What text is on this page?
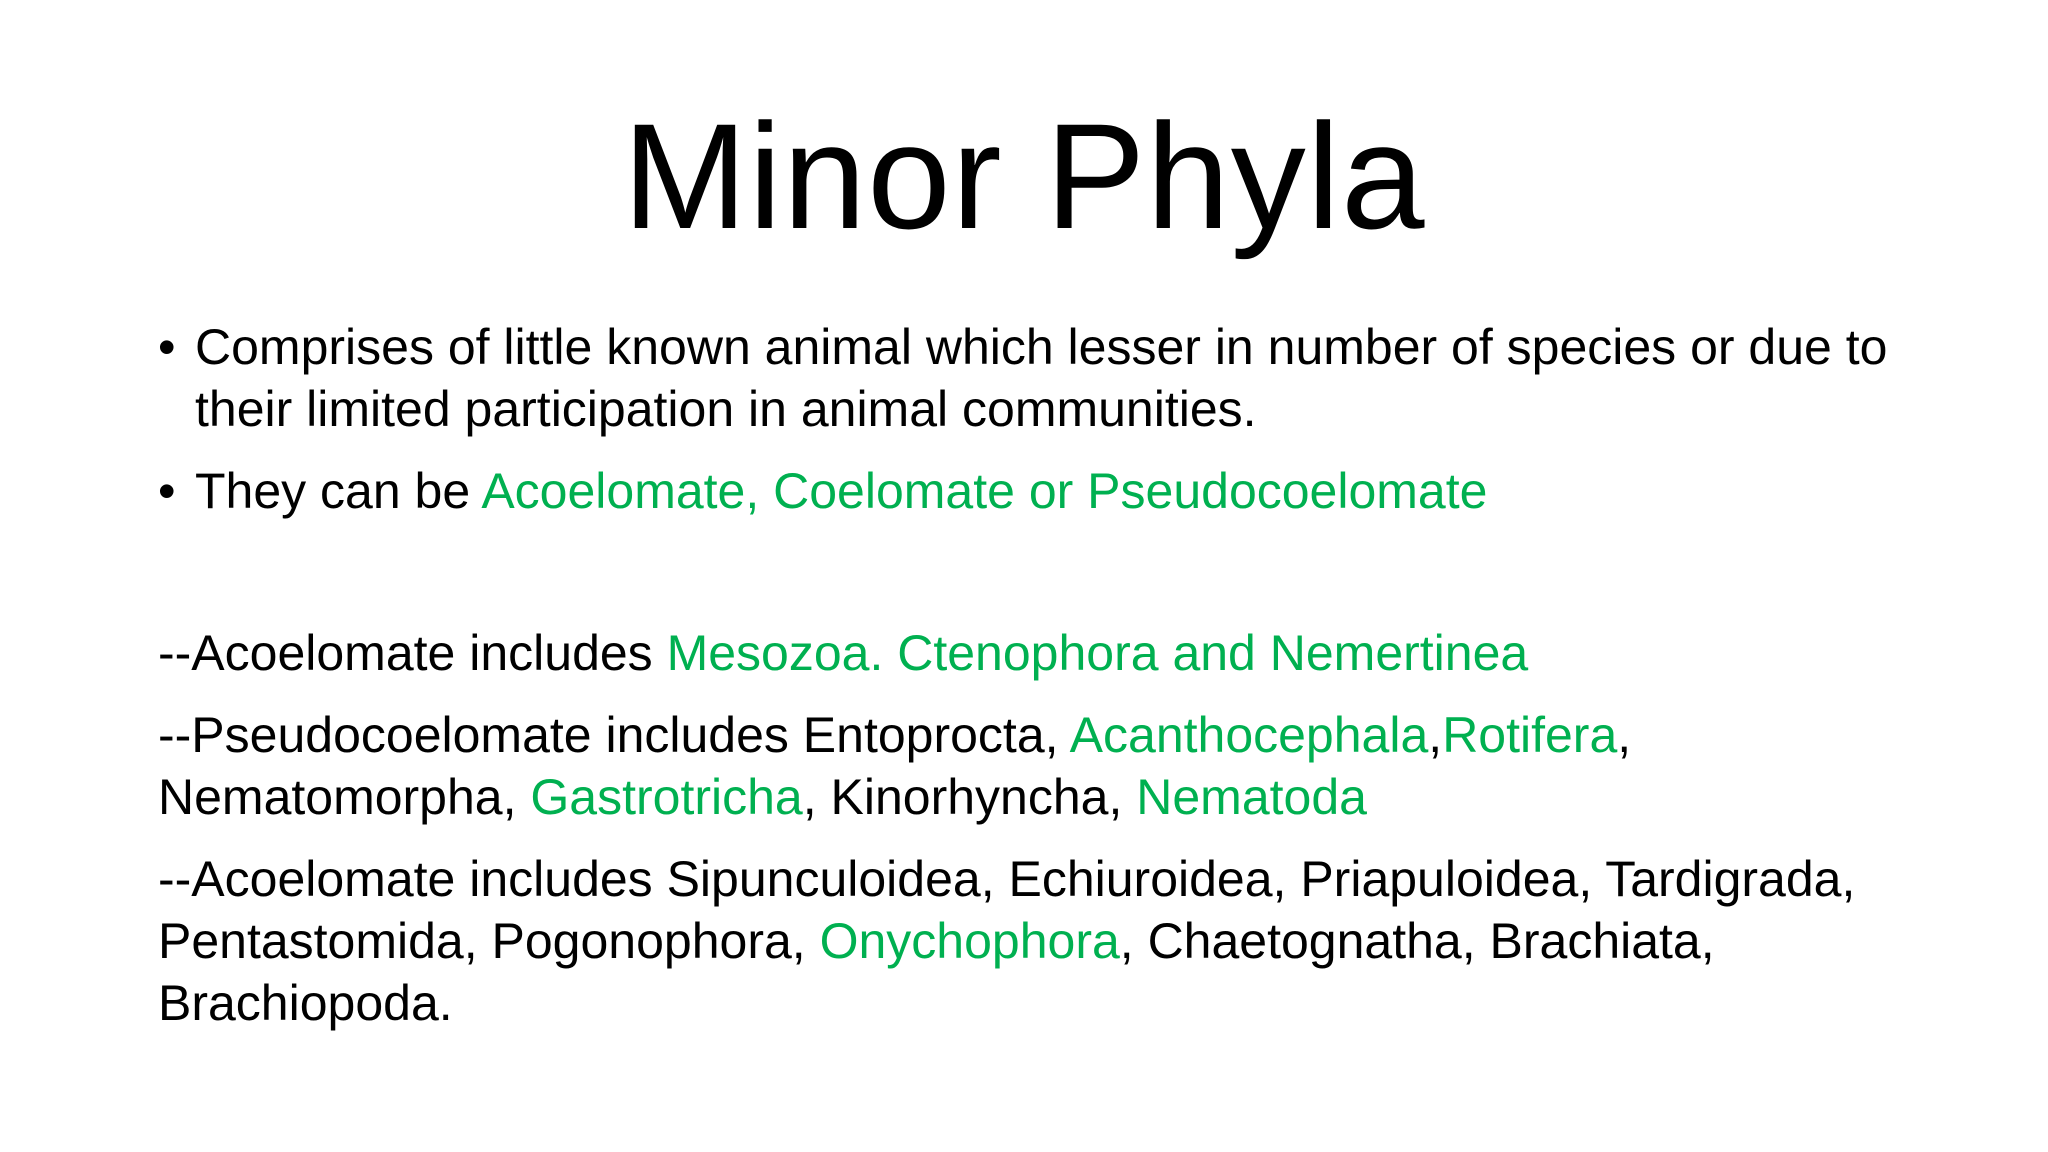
Minor Phyla
• Comprises of little known animal which lesser in number of species or due to their limited participation in animal communities.
• They can be Acoelomate, Coelomate or Pseudocoelomate
--Acoelomate includes Mesozoa. Ctenophora and Nemertinea
--Pseudocoelomate includes Entoprocta, Acanthocephala,Rotifera, Nematomorpha, Gastrotricha, Kinorhyncha, Nematoda
--Acoelomate includes Sipunculoidea, Echiuroidea, Priapuloidea, Tardigrada, Pentastomida, Pogonophora, Onychophora, Chaetognatha, Brachiata, Brachiopoda.
